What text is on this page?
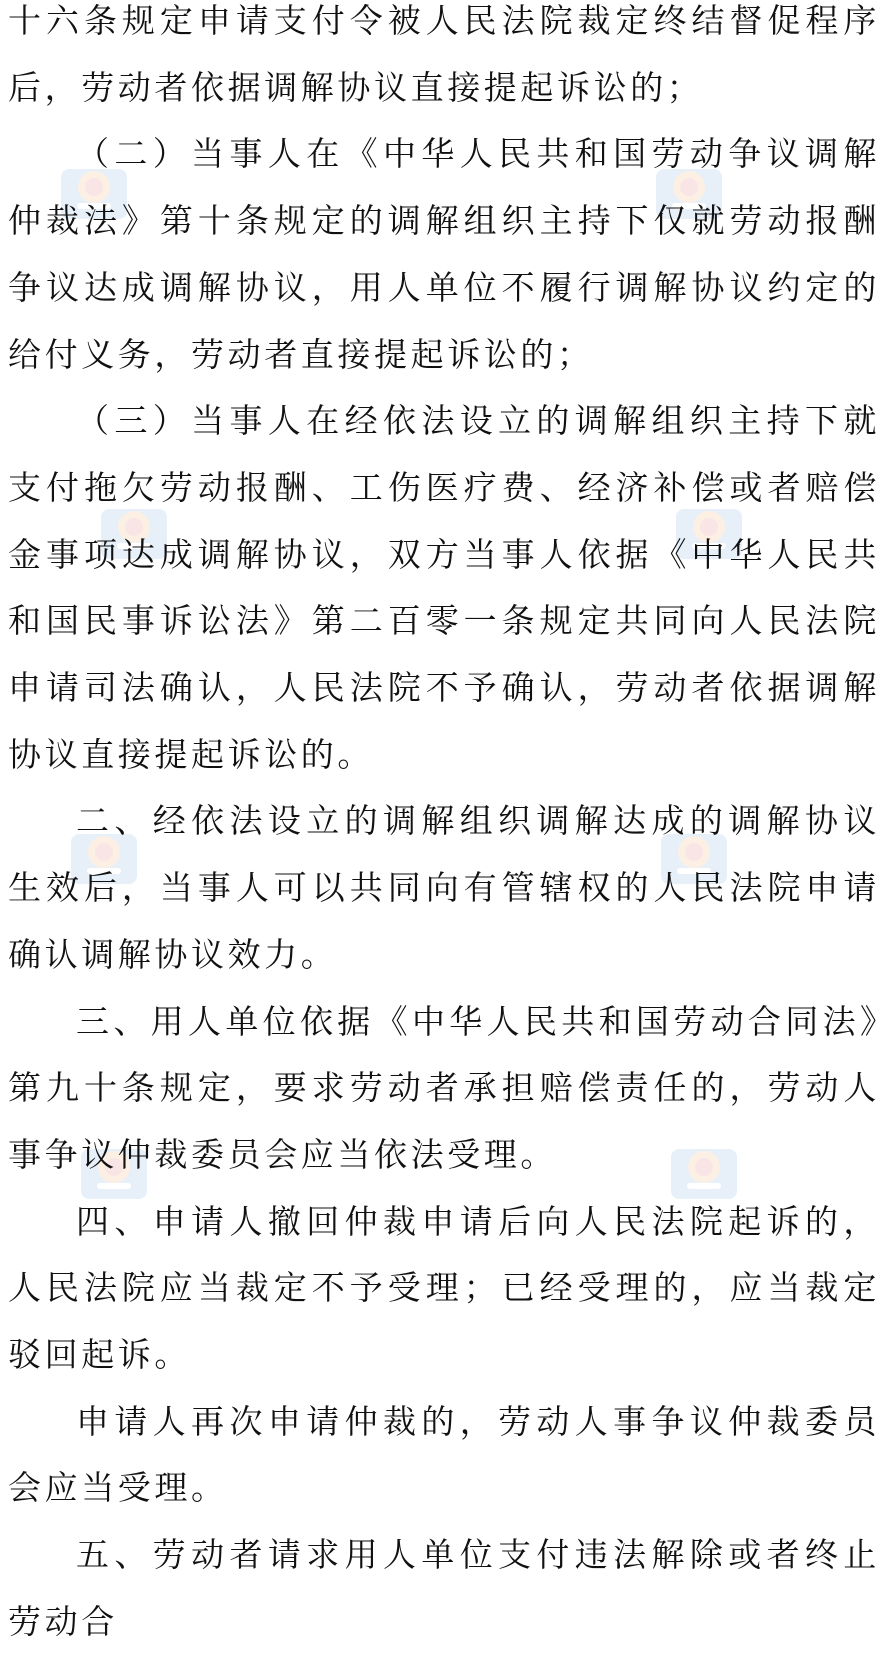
十六条规定申请支付令被人民法院裁定终结督促程序后，劳动者依据调解协议直接提起诉讼的；

（二）当事人在《中华人民共和国劳动争议调解仲裁法》第十条规定的调解组织主持下仅就劳动报酬争议达成调解协议，用人单位不履行调解协议约定的给付义务，劳动者直接提起诉讼的；

（三）当事人在经依法设立的调解组织主持下就支付拖欠劳动报酬、工伤医疗费、经济补偿或者赔偿金事项达成调解协议，双方当事人依据《中华人民共和国民事诉讼法》第二百零一条规定共同向人民法院申请司法确认，人民法院不予确认，劳动者依据调解协议直接提起诉讼的。

二、经依法设立的调解组织调解达成的调解协议生效后，当事人可以共同向有管辖权的人民法院申请确认调解协议效力。

三、用人单位依据《中华人民共和国劳动合同法》第九十条规定，要求劳动者承担赔偿责任的，劳动人事争议仲裁委员会应当依法受理。

四、申请人撤回仲裁申请后向人民法院起诉的，人民法院应当裁定不予受理；已经受理的，应当裁定驳回起诉。

申请人再次申请仲裁的，劳动人事争议仲裁委员会应当受理。

五、劳动者请求用人单位支付违法解除或者终止劳动合
